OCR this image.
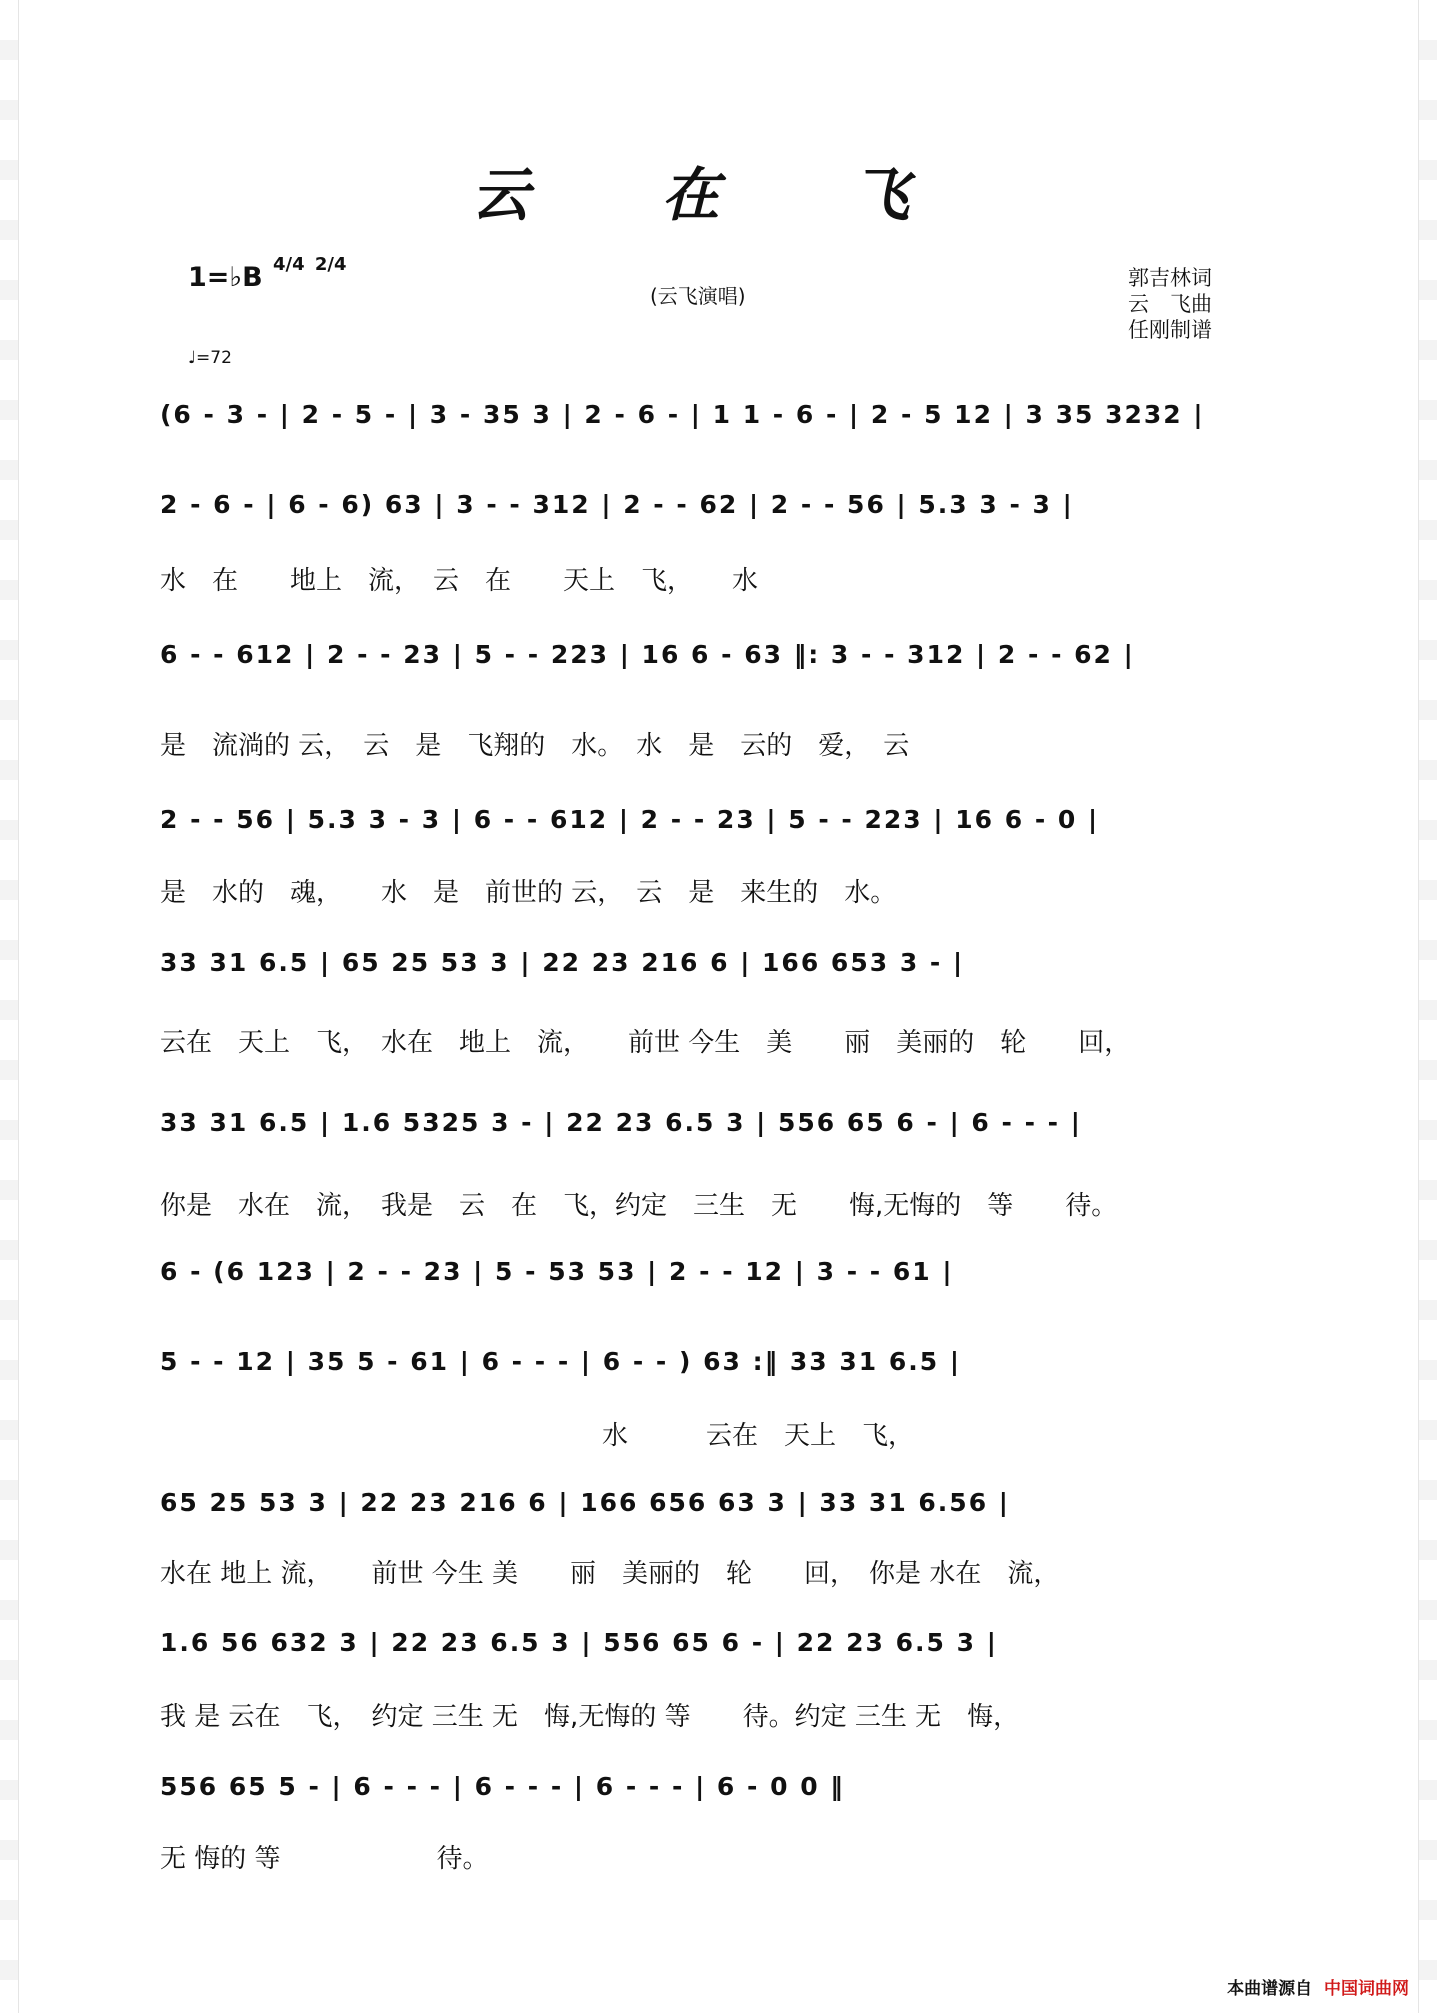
云 在 飞
1=♭B 4/4 2/4
(云飞演唱)
郭吉林词
云　飞曲
任刚制谱
♩=72
(6 - 3 - | 2 - 5 - | 3 - 35 3 | 2 - 6 - | 1 1 - 6 - | 2 - 5 12 | 3 35 3232 |
2 - 6 - | 6 - 6) 63 | 3 - - 312 | 2 - - 62 | 2 - - 56 | 5.3 3 - 3 |
水　在　　地上　流，　云　在　　天上　飞，　　水
6 - - 612 | 2 - - 23 | 5 - - 223 | 16 6 - 63 ‖: 3 - - 312 | 2 - - 62 |
是　流淌的 云，　云　是　飞翔的　水。　水　是　云的　爱，　云
2 - - 56 | 5.3 3 - 3 | 6 - - 612 | 2 - - 23 | 5 - - 223 | 16 6 - 0 |
是　水的　魂，　　水　是　前世的 云，　云　是　来生的　水。
33 31 6.5 | 65 25 53 3 | 22 23 216 6 | 166 653 3 - |
云在　天上　飞，　水在　地上　流，　　前世 今生　美　　丽　美丽的　轮　　回，
33 31 6.5 | 1.6 5325 3 - | 22 23 6.5 3 | 556 65 6 - | 6 - - - |
你是　水在　流，　我是　云　在　飞，约定　三生　无　　悔,无悔的　等　　待。
6 - (6 123 | 2 - - 23 | 5 - 53 53 | 2 - - 12 | 3 - - 61 |
5 - - 12 | 35 5 - 61 | 6 - - - | 6 - - ) 63 :‖ 33 31 6.5 |
　　　　　　　　　　　　　　　　　水　　　云在　天上　飞，
65 25 53 3 | 22 23 216 6 | 166 656 63 3 | 33 31 6.56 |
水在 地上 流，　　前世 今生 美　　丽　美丽的　轮　　回，　你是 水在　流，
1.6 56 632 3 | 22 23 6.5 3 | 556 65 6 - | 22 23 6.5 3 |
我 是 云在　飞，　约定 三生 无　悔,无悔的 等　　待。约定 三生 无　悔，
556 65 5 - | 6 - - - | 6 - - - | 6 - - - | 6 - 0 0 ‖
无 悔的 等　　　　　　待。
本曲谱源自 中国词曲网
